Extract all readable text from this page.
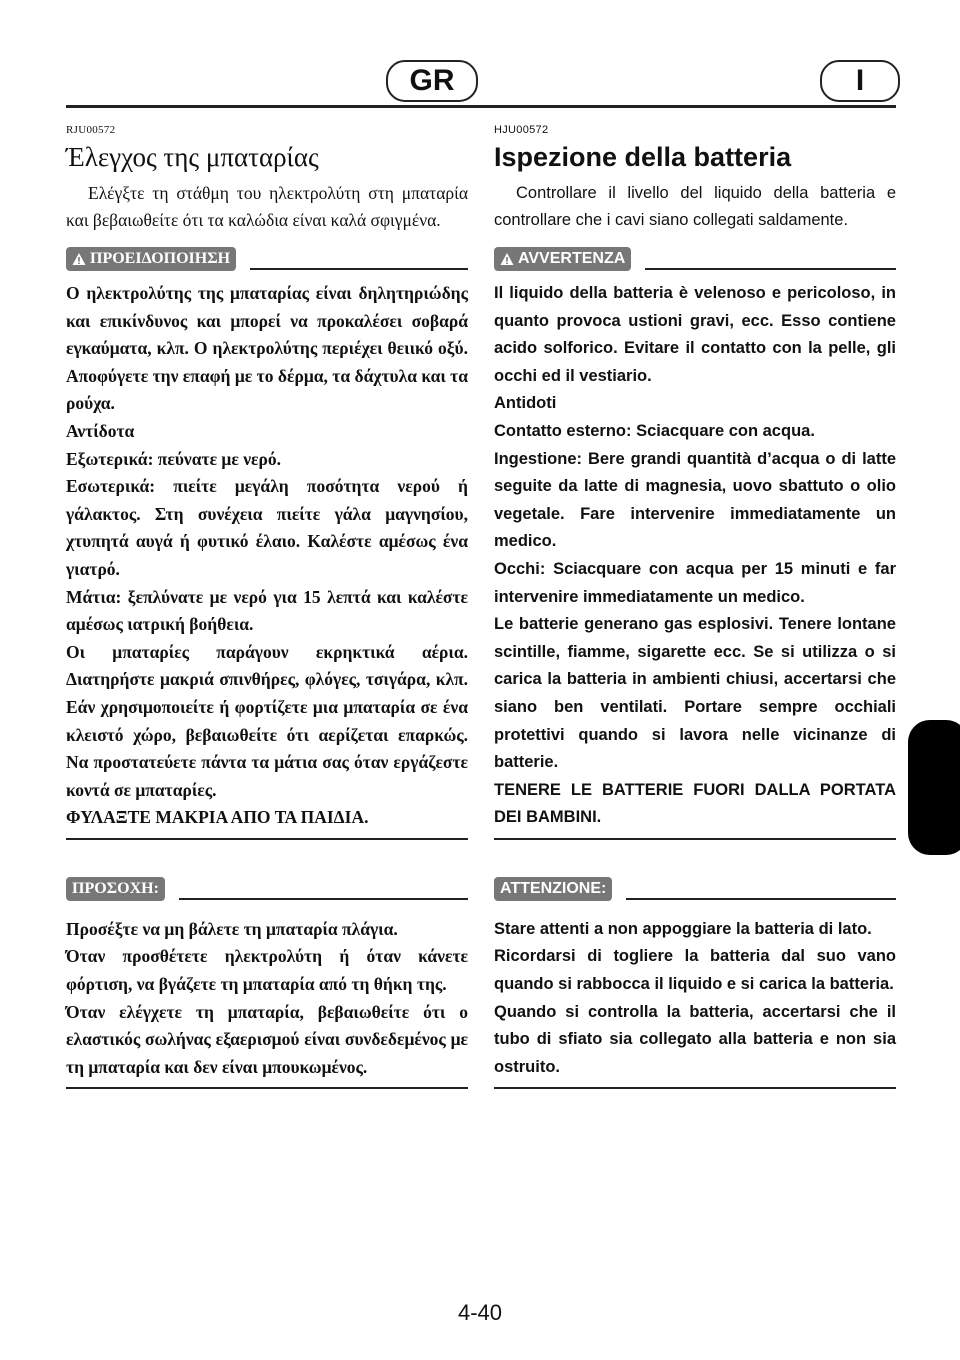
GR	I
RJU00572
Έλεγχος της μπαταρίας

Ελέγξτε τη στάθμη του ηλεκτρολύτη στη μπαταρία και βεβαιωθείτε ότι τα καλώδια είναι καλά σφιγμένα.

ΠΡΟΕΙΔΟΠΟΙΗΣΗ

Ο ηλεκτρολύτης της μπαταρίας είναι δηλητηριώδης και επικίνδυνος και μπορεί να προκαλέσει σοβαρά εγκαύματα, κλπ. Ο ηλεκτρολύτης περιέχει θειικό οξύ. Αποφύγετε την επαφή με το δέρμα, τα δάχτυλα και τα ρούχα.

Αντίδοτα

Εξωτερικά: πεύνατε με νερό.

Εσωτερικά: πιείτε μεγάλη ποσότητα νερού ή γάλακτος. Στη συνέχεια πιείτε γάλα μαγνησίου, χτυπητά αυγά ή φυτικό έλαιο. Καλέστε αμέσως ένα γιατρό.

Μάτια: ξεπλύνατε με νερό για 15 λεπτά και καλέστε αμέσως ιατρική βοήθεια.

Οι μπαταρίες παράγουν εκρηκτικά αέρια. Διατηρήστε μακριά σπινθήρες, φλόγες, τσιγάρα, κλπ. Εάν χρησιμοποιείτε ή φορτίζετε μια μπαταρία σε ένα κλειστό χώρο, βεβαιωθείτε ότι αερίζεται επαρκώς. Να προστατεύετε πάντα τα μάτια σας όταν εργάζεστε κοντά σε μπαταρίες.

ΦΥΛΑΞΤΕ ΜΑΚΡΙΑ ΑΠΟ ΤΑ ΠΑΙΔΙΑ.

ΠΡΟΣΟΧΗ:

Προσέξτε να μη βάλετε τη μπαταρία πλάγια.

Όταν προσθέτετε ηλεκτρολύτη ή όταν κάνετε φόρτιση, να βγάζετε τη μπαταρία από τη θήκη της.

Όταν ελέγχετε τη μπαταρία, βεβαιωθείτε ότι ο ελαστικός σωλήνας εξαερισμού είναι συνδεδεμένος με τη μπαταρία και δεν είναι μπουκωμένος.

HJU00572
Ispezione della batteria

Controllare il livello del liquido della batteria e controllare che i cavi siano collegati saldamente.

AVVERTENZA

Il liquido della batteria è velenoso e pericoloso, in quanto provoca ustioni gravi, ecc. Esso contiene acido solforico. Evitare il contatto con la pelle, gli occhi ed il vestiario.

Antidoti

Contatto esterno: Sciacquare con acqua.

Ingestione: Bere grandi quantità d’acqua o di latte seguite da latte di magnesia, uovo sbattuto o olio vegetale. Fare intervenire immediatamente un medico.

Occhi: Sciacquare con acqua per 15 minuti e far intervenire immediatamente un medico.

Le batterie generano gas esplosivi. Tenere lontane scintille, fiamme, sigarette ecc. Se si utilizza o si carica la batteria in ambienti chiusi, accertarsi che siano ben ventilati. Portare sempre occhiali protettivi quando si lavora nelle vicinanze di batterie.

TENERE LE BATTERIE FUORI DALLA PORTATA DEI BAMBINI.

ATTENZIONE:

Stare attenti a non appoggiare la batteria di lato.

Ricordarsi di togliere la batteria dal suo vano quando si rabbocca il liquido e si carica la batteria.

Quando si controlla la batteria, accertarsi che il tubo di sfiato sia collegato alla batteria e non sia ostruito.

4-40
